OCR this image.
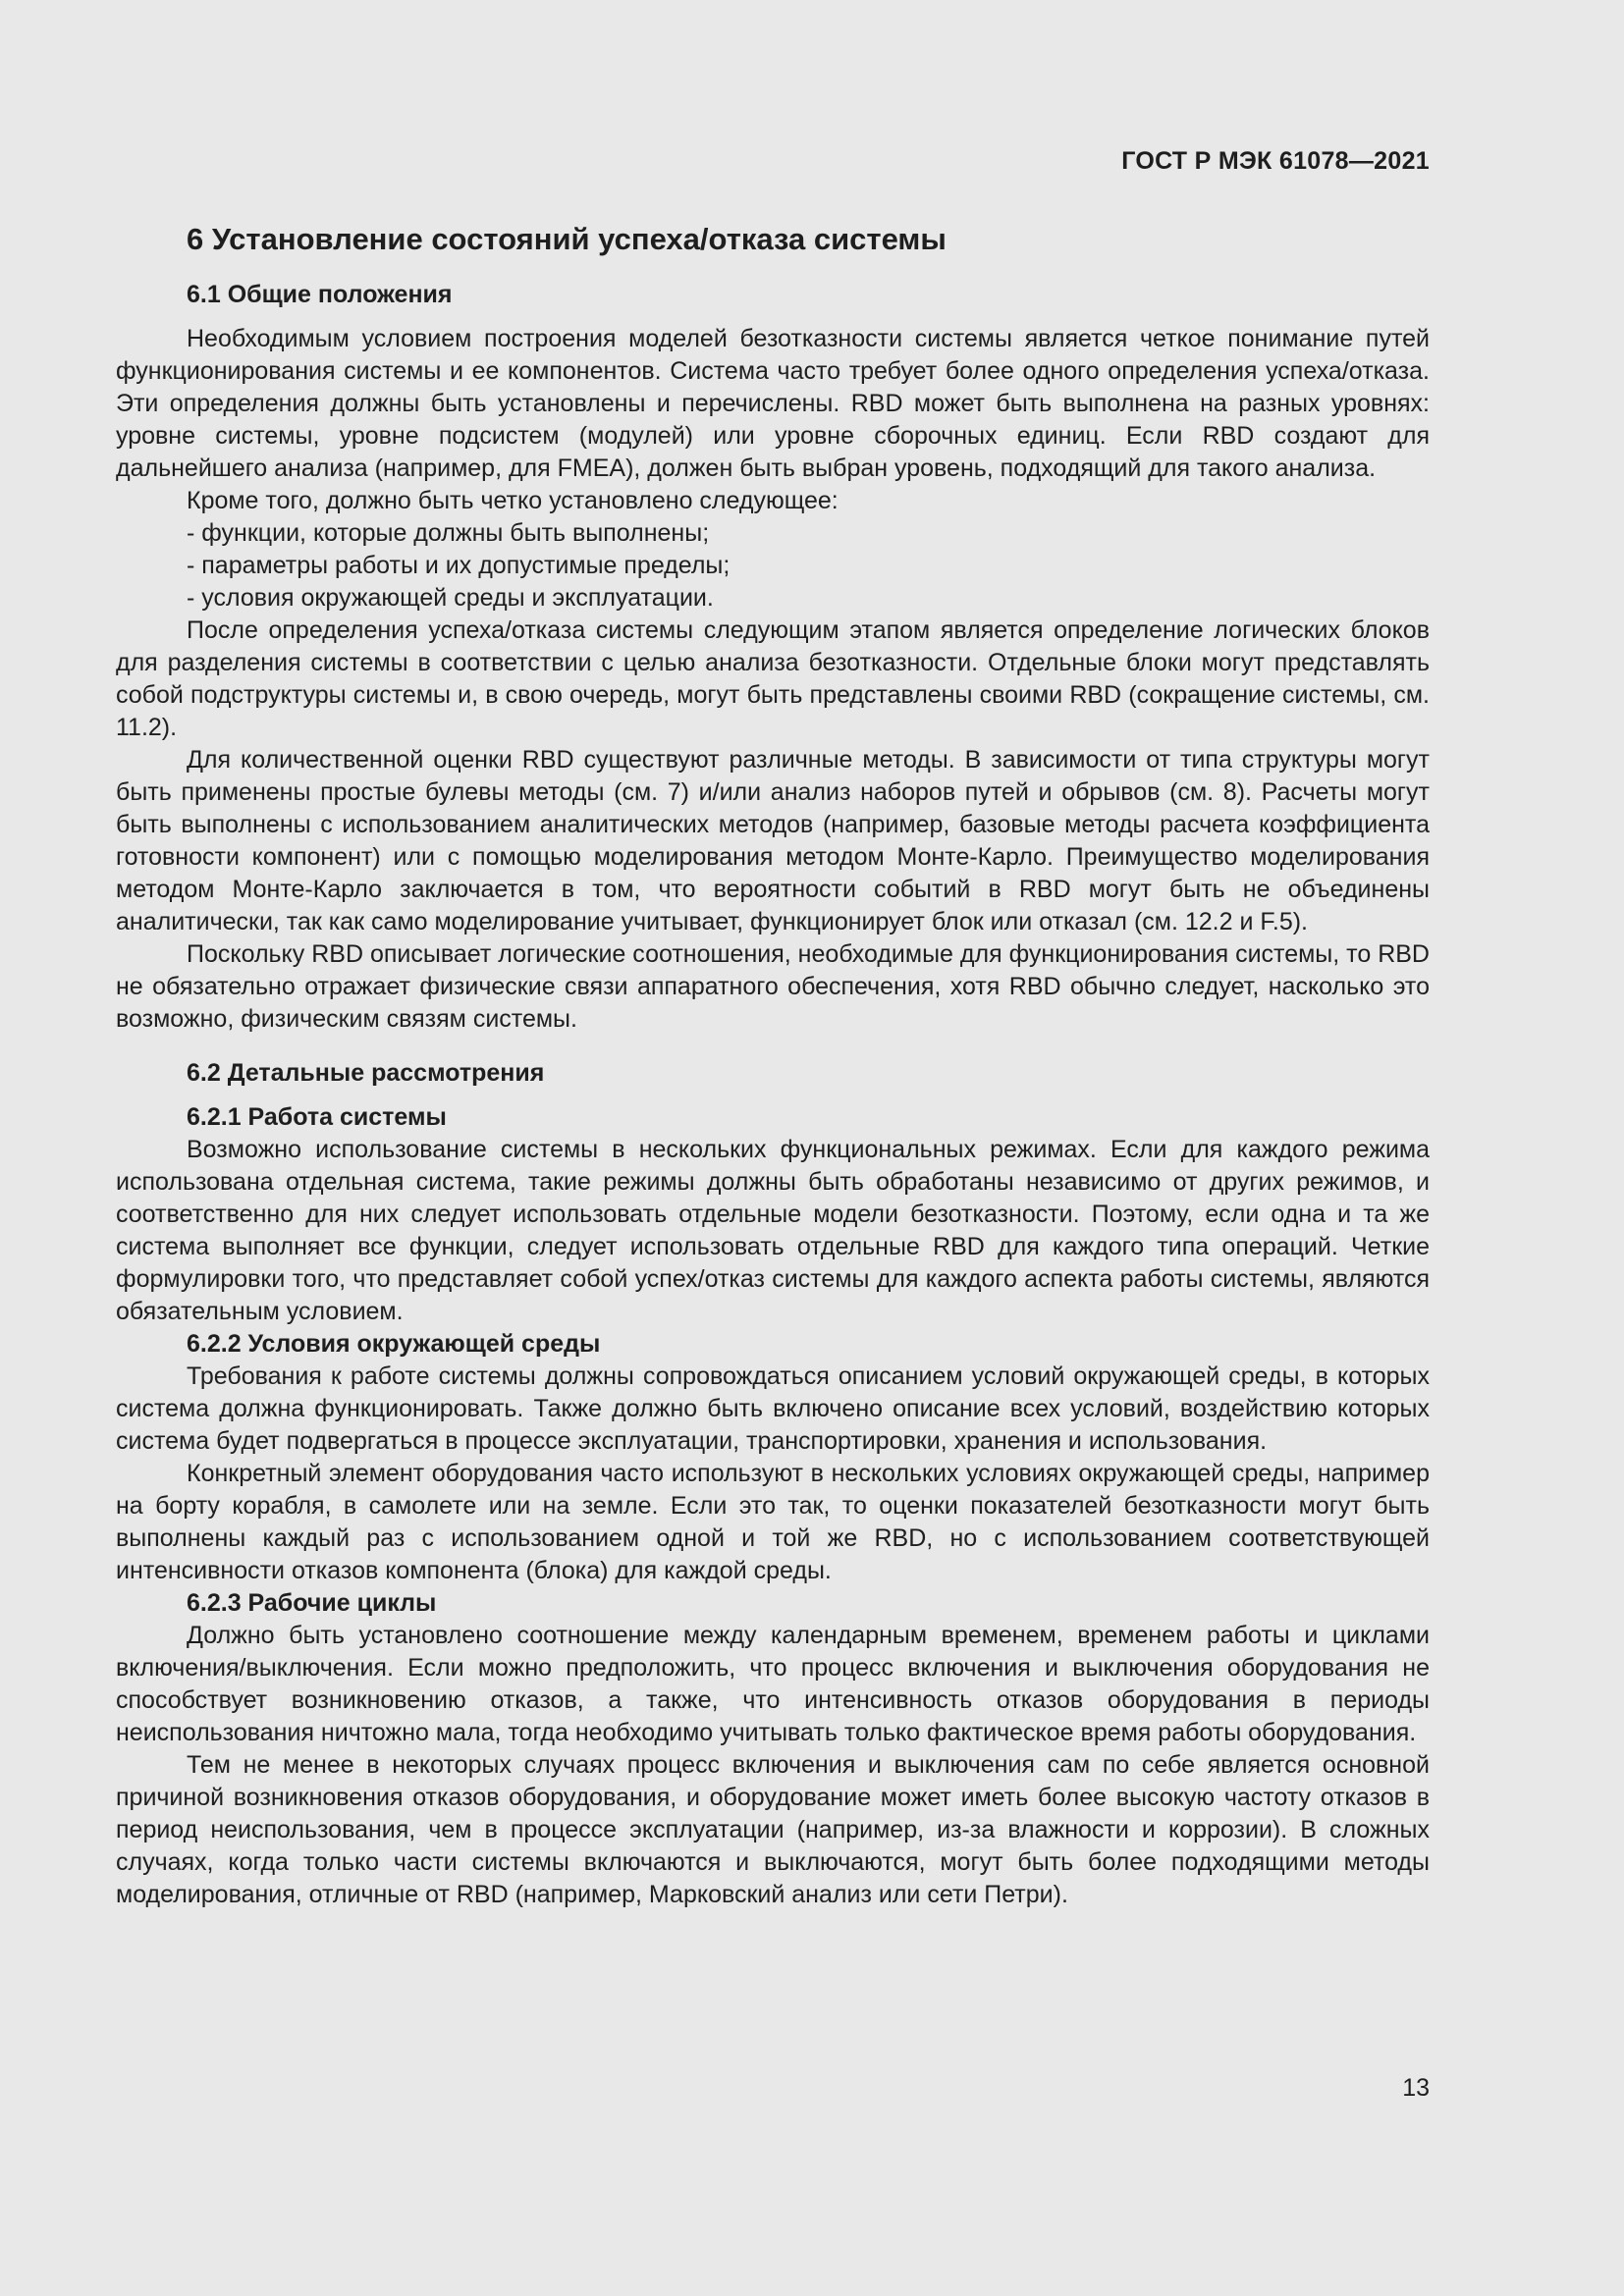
ГОСТ Р МЭК 61078—2021
6 Установление состояний успеха/отказа системы
6.1 Общие положения

Необходимым условием построения моделей безотказности системы является четкое понимание путей функционирования системы и ее компонентов. Система часто требует более одного определения успеха/отказа. Эти определения должны быть установлены и перечислены. RBD может быть выполнена на разных уровнях: уровне системы, уровне подсистем (модулей) или уровне сборочных единиц. Если RBD создают для дальнейшего анализа (например, для FMEA), должен быть выбран уровень, подходящий для такого анализа.

Кроме того, должно быть четко установлено следующее:

- функции, которые должны быть выполнены;
- параметры работы и их допустимые пределы;
- условия окружающей среды и эксплуатации.

После определения успеха/отказа системы следующим этапом является определение логических блоков для разделения системы в соответствии с целью анализа безотказности. Отдельные блоки могут представлять собой подструктуры системы и, в свою очередь, могут быть представлены своими RBD (сокращение системы, см. 11.2).

Для количественной оценки RBD существуют различные методы. В зависимости от типа структуры могут быть применены простые булевы методы (см. 7) и/или анализ наборов путей и обрывов (см. 8). Расчеты могут быть выполнены с использованием аналитических методов (например, базовые методы расчета коэффициента готовности компонент) или с помощью моделирования методом Монте-Карло. Преимущество моделирования методом Монте-Карло заключается в том, что вероятности событий в RBD могут быть не объединены аналитически, так как само моделирование учитывает, функционирует блок или отказал (см. 12.2 и F.5).

Поскольку RBD описывает логические соотношения, необходимые для функционирования системы, то RBD не обязательно отражает физические связи аппаратного обеспечения, хотя RBD обычно следует, насколько это возможно, физическим связям системы.

6.2 Детальные рассмотрения
6.2.1 Работа системы

Возможно использование системы в нескольких функциональных режимах. Если для каждого режима использована отдельная система, такие режимы должны быть обработаны независимо от других режимов, и соответственно для них следует использовать отдельные модели безотказности. Поэтому, если одна и та же система выполняет все функции, следует использовать отдельные RBD для каждого типа операций. Четкие формулировки того, что представляет собой успех/отказ системы для каждого аспекта работы системы, являются обязательным условием.

6.2.2 Условия окружающей среды

Требования к работе системы должны сопровождаться описанием условий окружающей среды, в которых система должна функционировать. Также должно быть включено описание всех условий, воздействию которых система будет подвергаться в процессе эксплуатации, транспортировки, хранения и использования.

Конкретный элемент оборудования часто используют в нескольких условиях окружающей среды, например на борту корабля, в самолете или на земле. Если это так, то оценки показателей безотказности могут быть выполнены каждый раз с использованием одной и той же RBD, но с использованием соответствующей интенсивности отказов компонента (блока) для каждой среды.

6.2.3 Рабочие циклы

Должно быть установлено соотношение между календарным временем, временем работы и циклами включения/выключения. Если можно предположить, что процесс включения и выключения оборудования не способствует возникновению отказов, а также, что интенсивность отказов оборудования в периоды неиспользования ничтожно мала, тогда необходимо учитывать только фактическое время работы оборудования.

Тем не менее в некоторых случаях процесс включения и выключения сам по себе является основной причиной возникновения отказов оборудования, и оборудование может иметь более высокую частоту отказов в период неиспользования, чем в процессе эксплуатации (например, из-за влажности и коррозии). В сложных случаях, когда только части системы включаются и выключаются, могут быть более подходящими методы моделирования, отличные от RBD (например, Марковский анализ или сети Петри).

13
